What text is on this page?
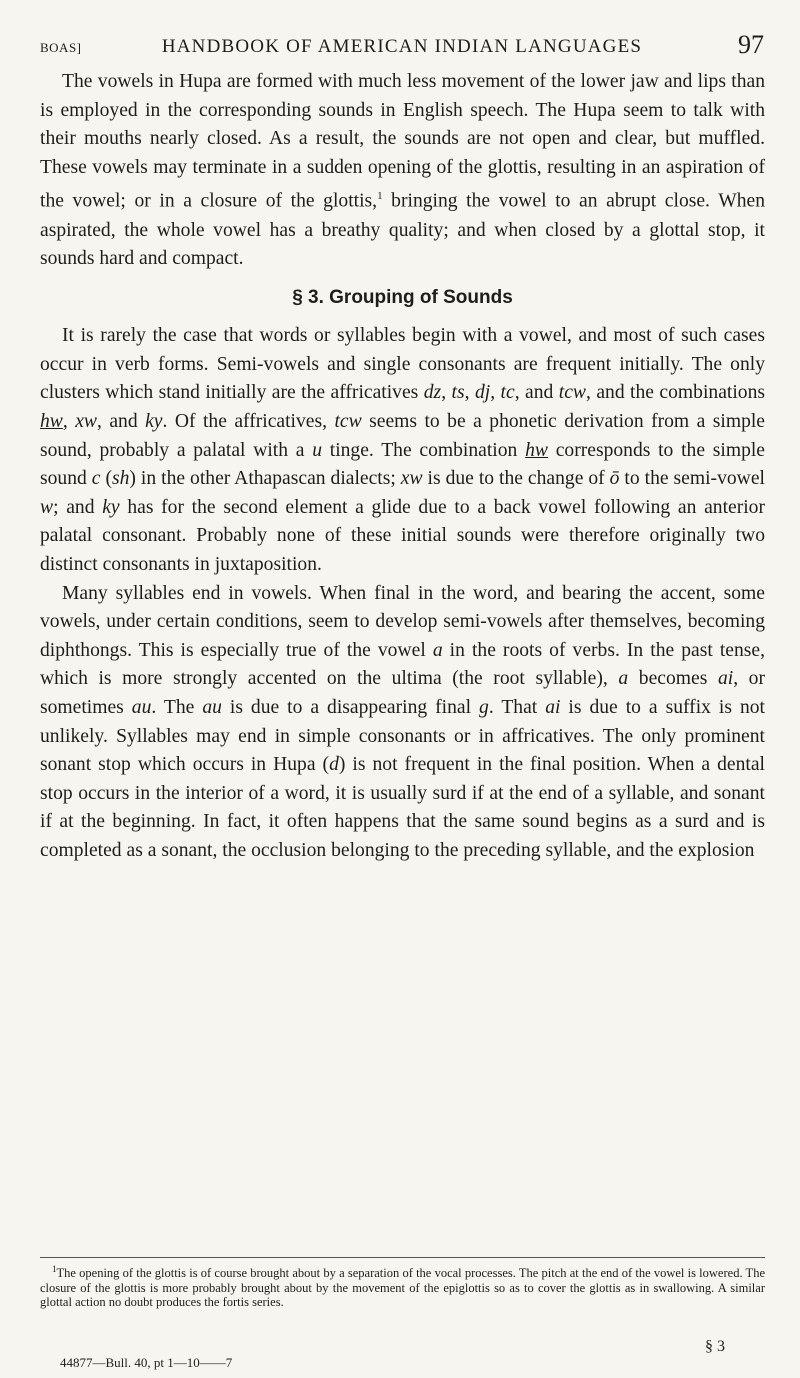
BOAS]	HANDBOOK OF AMERICAN INDIAN LANGUAGES	97

The vowels in Hupa are formed with much less movement of the lower jaw and lips than is employed in the corresponding sounds in English speech. The Hupa seem to talk with their mouths nearly closed. As a result, the sounds are not open and clear, but muffled. These vowels may terminate in a sudden opening of the glottis, resulting in an aspiration of the vowel; or in a closure of the glottis,$^1$ bringing the vowel to an abrupt close. When aspirated, the whole vowel has a breathy quality; and when closed by a glottal stop, it sounds hard and compact.

§ 3. Grouping of Sounds

It is rarely the case that words or syllables begin with a vowel, and most of such cases occur in verb forms. Semi-vowels and single consonants are frequent initially. The only clusters which stand initially are the affricatives dz, ts, dj, tc, and tcw, and the combinations hw, xw, and ky. Of the affricatives, tcw seems to be a phonetic derivation from a simple sound, probably a palatal with a u tinge. The combination hw corresponds to the simple sound c (sh) in the other Athapascan dialects; xw is due to the change of ō to the semi-vowel w; and ky has for the second element a glide due to a back vowel following an anterior palatal consonant. Probably none of these initial sounds were therefore originally two distinct consonants in juxtaposition.

Many syllables end in vowels. When final in the word, and bearing the accent, some vowels, under certain conditions, seem to develop semi-vowels after themselves, becoming diphthongs. This is especially true of the vowel a in the roots of verbs. In the past tense, which is more strongly accented on the ultima (the root syllable), a becomes ai, or sometimes au. The au is due to a disappearing final g. That ai is due to a suffix is not unlikely. Syllables may end in simple consonants or in affricatives. The only prominent sonant stop which occurs in Hupa (d) is not frequent in the final position. When a dental stop occurs in the interior of a word, it is usually surd if at the end of a syllable, and sonant if at the beginning. In fact, it often happens that the same sound begins as a surd and is completed as a sonant, the occlusion belonging to the preceding syllable, and the explosion

$^1$The opening of the glottis is of course brought about by a separation of the vocal processes. The pitch at the end of the vowel is lowered. The closure of the glottis is more probably brought about by the movement of the epiglottis so as to cover the glottis as in swallowing. A similar glottal action no doubt produces the fortis series.

44877—Bull. 40, pt 1—10——7
§ 3
